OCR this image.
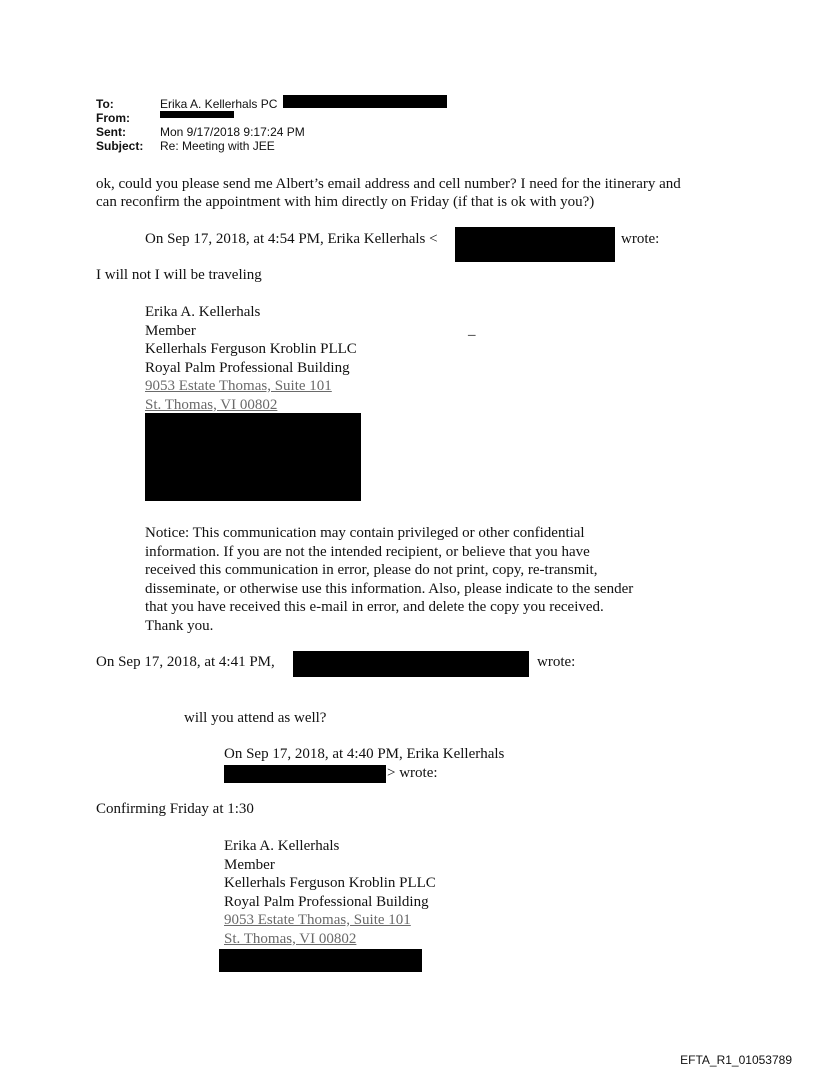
To:	Erika A. Kellerhals PC
From:
Sent:	Mon 9/17/2018 9:17:24 PM
Subject:	Re: Meeting with JEE
ok, could you please send me Albert’s email address and cell number? I need for the itinerary and
can reconfirm the appointment with him directly on Friday (if that is ok with you?)
On Sep 17, 2018, at 4:54 PM, Erika Kellerhals <	wrote:
I will not I will be traveling
Erika A. Kellerhals
Member
Kellerhals Ferguson Kroblin PLLC
Royal Palm Professional Building
9053 Estate Thomas, Suite 101
St. Thomas, VI 00802
–
Notice: This communication may contain privileged or other confidential
information. If you are not the intended recipient, or believe that you have
received this communication in error, please do not print, copy, re-transmit,
disseminate, or otherwise use this information. Also, please indicate to the sender
that you have received this e-mail in error, and delete the copy you received.
Thank you.
On Sep 17, 2018, at 4:41 PM,	wrote:
will you attend as well?
On Sep 17, 2018, at 4:40 PM, Erika Kellerhals
> wrote:
Confirming Friday at 1:30
Erika A. Kellerhals
Member
Kellerhals Ferguson Kroblin PLLC
Royal Palm Professional Building
9053 Estate Thomas, Suite 101
St. Thomas, VI 00802
EFTA_R1_01053789
